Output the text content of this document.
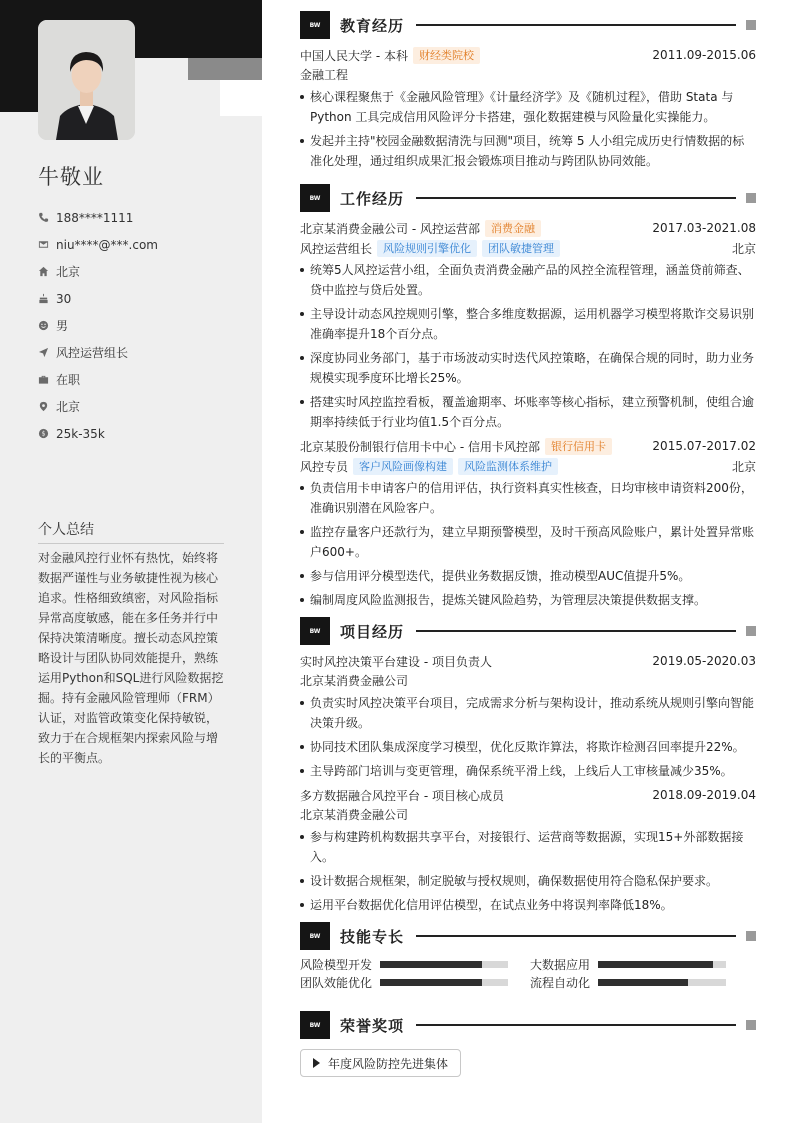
牛敬业
188****1111
niu****@***.com
北京
30
男
风控运营组长
在职
北京
$ 25k-35k
个人总结
对金融风控行业怀有热忱，始终将数据严谨性与业务敏捷性视为核心追求。性格细致缜密，对风险指标异常高度敏感，能在多任务并行中保持决策清晰度。擅长动态风控策略设计与团队协同效能提升，熟练运用Python和SQL进行风险数据挖掘。持有金融风险管理师（FRM）认证，对监管政策变化保持敏锐，致力于在合规框架内探索风险与增长的平衡点。
BW	教育经历
中国人民大学 - 本科	财经类院校	2011.09-2015.06
金融工程
核心课程聚焦于《金融风险管理》《计量经济学》及《随机过程》，借助 Stata 与 Python 工具完成信用风险评分卡搭建，强化数据建模与风险量化实操能力。
发起并主持"校园金融数据清洗与回测"项目，统筹 5 人小组完成历史行情数据的标准化处理，通过组织成果汇报会锻炼项目推动与跨团队协同效能。
BW	工作经历
北京某消费金融公司 - 风控运营部	消费金融	2017.03-2021.08
风控运营组长	风险规则引擎优化	团队敏捷管理	北京
统筹5人风控运营小组，全面负责消费金融产品的风控全流程管理，涵盖贷前筛查、贷中监控与贷后处置。
主导设计动态风控规则引擎，整合多维度数据源，运用机器学习模型将欺诈交易识别准确率提升18个百分点。
深度协同业务部门，基于市场波动实时迭代风控策略，在确保合规的同时，助力业务规模实现季度环比增长25%。
搭建实时风控监控看板，覆盖逾期率、坏账率等核心指标，建立预警机制，使组合逾期率持续低于行业均值1.5个百分点。
北京某股份制银行信用卡中心 - 信用卡风控部	银行信用卡	2015.07-2017.02
风控专员	客户风险画像构建	风险监测体系维护	北京
负责信用卡申请客户的信用评估，执行资料真实性核查，日均审核申请资料200份，准确识别潜在风险客户。
监控存量客户还款行为，建立早期预警模型，及时干预高风险账户，累计处置异常账户600+。
参与信用评分模型迭代，提供业务数据反馈，推动模型AUC值提升5%。
编制周度风险监测报告，提炼关键风险趋势，为管理层决策提供数据支撑。
BW	项目经历
实时风控决策平台建设 - 项目负责人	2019.05-2020.03
北京某消费金融公司
负责实时风控决策平台项目，完成需求分析与架构设计，推动系统从规则引擎向智能决策升级。
协同技术团队集成深度学习模型，优化反欺诈算法，将欺诈检测召回率提升22%。
主导跨部门培训与变更管理，确保系统平滑上线，上线后人工审核量减少35%。
多方数据融合风控平台 - 项目核心成员	2018.09-2019.04
北京某消费金融公司
参与构建跨机构数据共享平台，对接银行、运营商等数据源，实现15+外部数据接入。
设计数据合规框架，制定脱敏与授权规则，确保数据使用符合隐私保护要求。
运用平台数据优化信用评估模型，在试点业务中将误判率降低18%。
BW	技能专长
风险模型开发	大数据应用
团队效能优化	流程自动化
BW	荣誉奖项
年度风险防控先进集体
